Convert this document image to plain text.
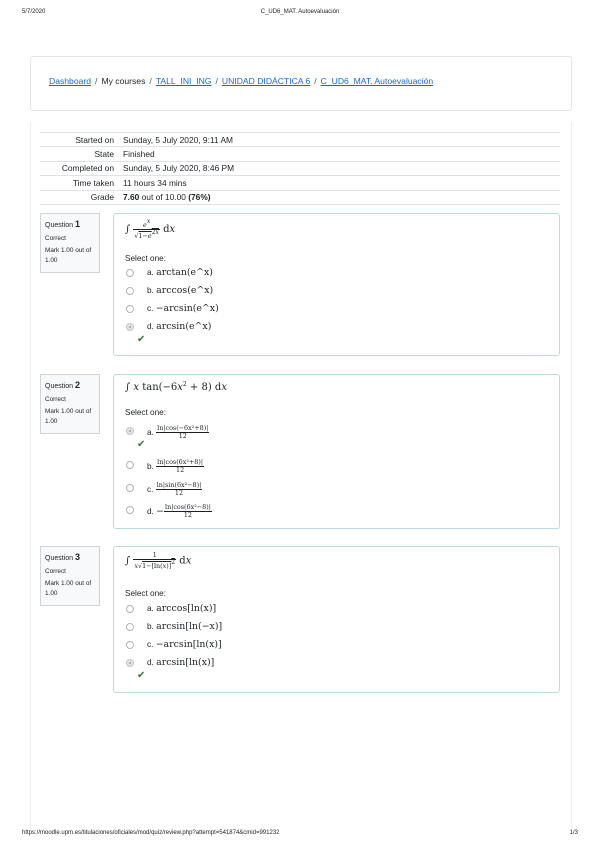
5/7/2020	C_UD6_MAT. Autoevaluación
Dashboard / My courses / TALL_INI_ING / UNIDAD DIDÁCTICA 6 / C_UD6_MAT. Autoevaluación
Started on	Sunday, 5 July 2020, 9:11 AM
State	Finished
Completed on	Sunday, 5 July 2020, 8:46 PM
Time taken	11 hours 34 mins
Grade	7.60 out of 10.00 (76%)
Question 1
Correct
Mark 1.00 out of 1.00
∫ $\frac{ex}{√1-e2x}$ dx
Select one:
a. arctan(e^x)
b. arccos(e^x)
c. −arcsin(e^x)
d. arcsin(e^x)
✔
Question 2
Correct
Mark 1.00 out of 1.00
∫ x $\tan(-6x^2 + 8)$ dx
Select one:
a. $\frac{\text{ln|cos(−6x²+8)|}}{12}$
✔
b. $\frac{\text{ln|cos(6x²+8)|}}{12}$
c. $\frac{\text{ln|sin(6x²−8)|}}{12}$
d. − $\frac{\text{ln|cos(6x²−8)|}}{12}$
Question 3
Correct
Mark 1.00 out of 1.00
∫ $\frac{1}{x√1-[\ln(x)]2}$ dx
Select one:
a. arccos[ln(x)]
b. arcsin[ln(−x)]
c. −arcsin[ln(x)]
d. arcsin[ln(x)]
✔
https://moodle.upm.es/titulaciones/oficiales/mod/quiz/review.php?attempt=541874&cmid=991232	1/3
